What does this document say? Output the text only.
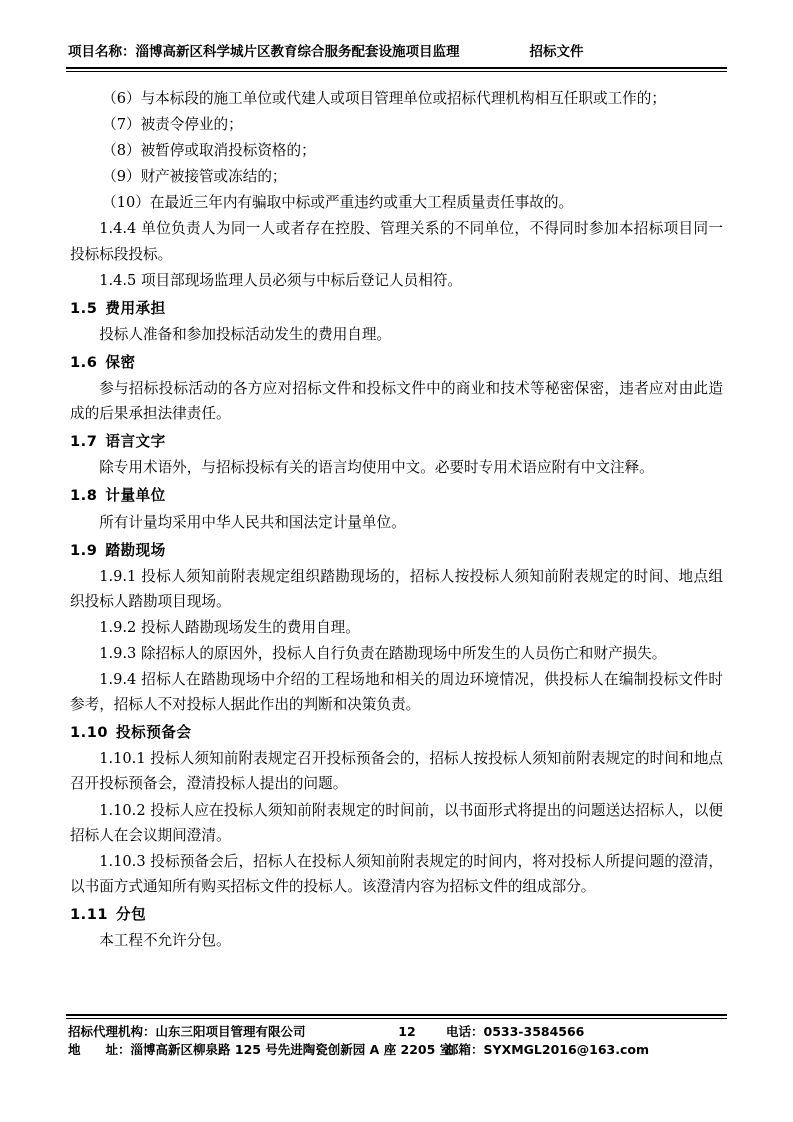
项目名称：淄博高新区科学城片区教育综合服务配套设施项目监理	招标文件

（6）与本标段的施工单位或代建人或项目管理单位或招标代理机构相互任职或工作的；

（7）被责令停业的；

（8）被暂停或取消投标资格的；

（9）财产被接管或冻结的；

（10）在最近三年内有骗取中标或严重违约或重大工程质量责任事故的。

1.4.4 单位负责人为同一人或者存在控股、管理关系的不同单位，不得同时参加本招标项目同一投标标段投标。

1.4.5 项目部现场监理人员必须与中标后登记人员相符。

1.5 费用承担

投标人准备和参加投标活动发生的费用自理。

1.6 保密

参与招标投标活动的各方应对招标文件和投标文件中的商业和技术等秘密保密，违者应对由此造成的后果承担法律责任。

1.7 语言文字

除专用术语外，与招标投标有关的语言均使用中文。必要时专用术语应附有中文注释。

1.8 计量单位

所有计量均采用中华人民共和国法定计量单位。

1.9 踏勘现场

1.9.1 投标人须知前附表规定组织踏勘现场的，招标人按投标人须知前附表规定的时间、地点组织投标人踏勘项目现场。

1.9.2 投标人踏勘现场发生的费用自理。

1.9.3 除招标人的原因外，投标人自行负责在踏勘现场中所发生的人员伤亡和财产损失。

1.9.4 招标人在踏勘现场中介绍的工程场地和相关的周边环境情况，供投标人在编制投标文件时参考，招标人不对投标人据此作出的判断和决策负责。

1.10 投标预备会

1.10.1 投标人须知前附表规定召开投标预备会的，招标人按投标人须知前附表规定的时间和地点召开投标预备会，澄清投标人提出的问题。

1.10.2 投标人应在投标人须知前附表规定的时间前，以书面形式将提出的问题送达招标人，以便招标人在会议期间澄清。

1.10.3 投标预备会后，招标人在投标人须知前附表规定的时间内，将对投标人所提问题的澄清，以书面方式通知所有购买招标文件的投标人。该澄清内容为招标文件的组成部分。

1.11 分包

本工程不允许分包。

招标代理机构：山东三阳项目管理有限公司	12	电话：0533-3584566
地　　址：淄博高新区柳泉路 125 号先进陶瓷创新园 A 座 2205 室
邮箱：SYXMGL2016@163.com
